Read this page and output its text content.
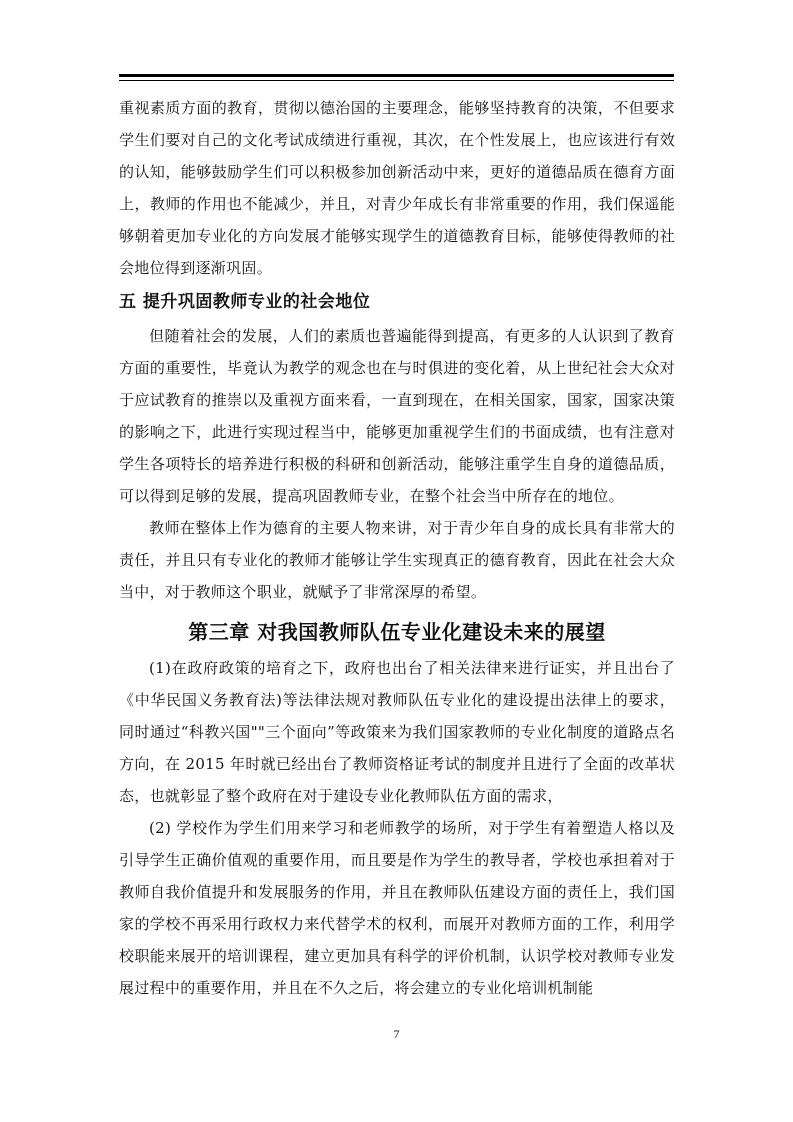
重视素质方面的教育，贯彻以德治国的主要理念，能够坚持教育的决策，不但要求学生们要对自己的文化考试成绩进行重视，其次，在个性发展上，也应该进行有效的认知，能够鼓励学生们可以积极参加创新活动中来，更好的道德品质在德育方面上，教师的作用也不能减少，并且，对青少年成长有非常重要的作用，我们保遥能够朝着更加专业化的方向发展才能够实现学生的道德教育目标，能够使得教师的社会地位得到逐渐巩固。

五 提升巩固教师专业的社会地位

但随着社会的发展，人们的素质也普遍能得到提高，有更多的人认识到了教育方面的重要性，毕竟认为教学的观念也在与时俱进的变化着，从上世纪社会大众对于应试教育的推崇以及重视方面来看，一直到现在，在相关国家，国家，国家决策的影响之下，此进行实现过程当中，能够更加重视学生们的书面成绩，也有注意对学生各项特长的培养进行积极的科研和创新活动，能够注重学生自身的道德品质，可以得到足够的发展，提高巩固教师专业，在整个社会当中所存在的地位。

教师在整体上作为德育的主要人物来讲，对于青少年自身的成长具有非常大的责任，并且只有专业化的教师才能够让学生实现真正的德育教育，因此在社会大众当中，对于教师这个职业，就赋予了非常深厚的希望。

第三章 对我国教师队伍专业化建设未来的展望

(1)在政府政策的培育之下，政府也出台了相关法律来进行证实，并且出台了《中华民国义务教育法)等法律法规对教师队伍专业化的建设提出法律上的要求，同时通过“科教兴国""三个面向”等政策来为我们国家教师的专业化制度的道路点名方向，在 2015 年时就已经出台了教师资格证考试的制度并且进行了全面的改革状态，也就彰显了整个政府在对于建设专业化教师队伍方面的需求，

(2) 学校作为学生们用来学习和老师教学的场所，对于学生有着塑造人格以及引导学生正确价值观的重要作用，而且要是作为学生的教导者，学校也承担着对于教师自我价值提升和发展服务的作用，并且在教师队伍建设方面的责任上，我们国家的学校不再采用行政权力来代替学术的权利，而展开对教师方面的工作，利用学校职能来展开的培训课程，建立更加具有科学的评价机制，认识学校对教师专业发展过程中的重要作用，并且在不久之后，将会建立的专业化培训机制能

7
